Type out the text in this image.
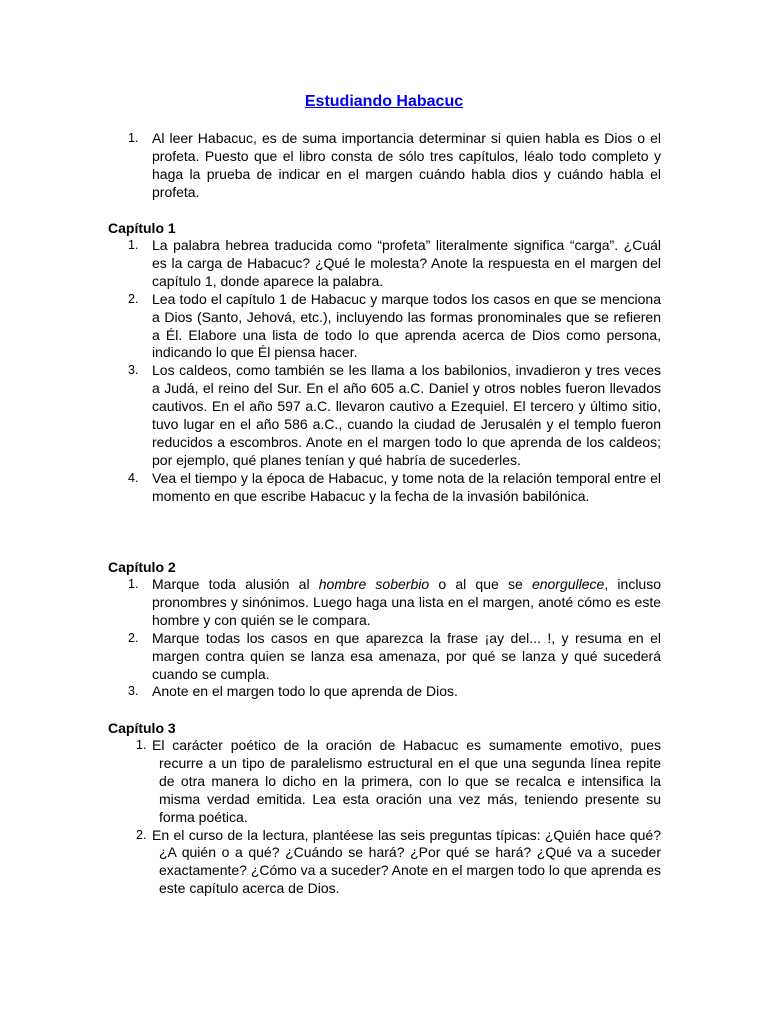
Estudiando Habacuc
1. Al leer Habacuc, es de suma importancia determinar si quien habla es Dios o el profeta. Puesto que el libro consta de sólo tres capítulos, léalo todo completo y haga la prueba de indicar en el margen cuándo habla dios y cuándo habla el profeta.
Capítulo 1
1. La palabra hebrea traducida como “profeta” literalmente significa “carga”. ¿Cuál es la carga de Habacuc? ¿Qué le molesta? Anote la respuesta en el margen del capítulo 1, donde aparece la palabra.
2. Lea todo el capítulo 1 de Habacuc y marque todos los casos en que se menciona a Dios (Santo, Jehová, etc.), incluyendo las formas pronominales que se refieren a Él. Elabore una lista de todo lo que aprenda acerca de Dios como persona, indicando lo que Él piensa hacer.
3. Los caldeos, como también se les llama a los babilonios, invadieron y tres veces a Judá, el reino del Sur. En el año 605 a.C. Daniel y otros nobles fueron llevados cautivos. En el año 597 a.C. llevaron cautivo a Ezequiel. El tercero y último sitio, tuvo lugar en el año 586 a.C., cuando la ciudad de Jerusalén y el templo fueron reducidos a escombros. Anote en el margen todo lo que aprenda de los caldeos; por ejemplo, qué planes tenían y qué habría de sucederles.
4. Vea el tiempo y la época de Habacuc, y tome nota de la relación temporal entre el momento en que escribe Habacuc y la fecha de la invasión babilónica.
Capítulo 2
1. Marque toda alusión al hombre soberbio o al que se enorgullece, incluso pronombres y sinónimos. Luego haga una lista en el margen, anoté cómo es este hombre y con quién se le compara.
2. Marque todas los casos en que aparezca la frase ¡ay del... !, y resuma en el margen contra quien se lanza esa amenaza, por qué se lanza y qué sucederá cuando se cumpla.
3. Anote en el margen todo lo que aprenda de Dios.
Capítulo 3
1. El carácter poético de la oración de Habacuc es sumamente emotivo, pues recurre a un tipo de paralelismo estructural en el que una segunda línea repite de otra manera lo dicho en la primera, con lo que se recalca e intensifica la misma verdad emitida. Lea esta oración una vez más, teniendo presente su forma poética.
2. En el curso de la lectura, plantéese las seis preguntas típicas: ¿Quién hace qué? ¿A quién o a qué? ¿Cuándo se hará? ¿Por qué se hará? ¿Qué va a suceder exactamente? ¿Cómo va a suceder? Anote en el margen todo lo que aprenda es este capítulo acerca de Dios.
